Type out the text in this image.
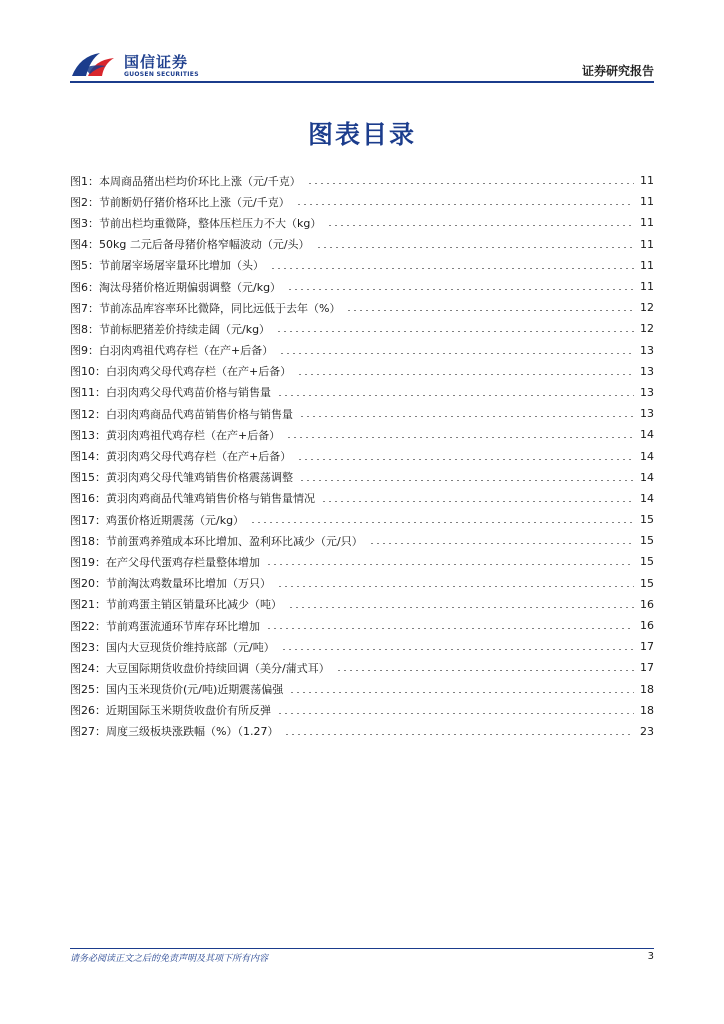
国信证券
GUOSEN SECURITIES	证券研究报告
图表目录
图1： 本周商品猪出栏均价环比上涨（元/千克）	11
图2： 节前断奶仔猪价格环比上涨（元/千克）	11
图3： 节前出栏均重微降，整体压栏压力不大（kg）	11
图4： 50kg 二元后备母猪价格窄幅波动（元/头）	11
图5： 节前屠宰场屠宰量环比增加（头）	11
图6： 淘汰母猪价格近期偏弱调整（元/kg）	11
图7： 节前冻品库容率环比微降，同比远低于去年（%）	12
图8： 节前标肥猪差价持续走阔（元/kg）	12
图9： 白羽肉鸡祖代鸡存栏（在产+后备）	13
图10： 白羽肉鸡父母代鸡存栏（在产+后备）	13
图11： 白羽肉鸡父母代鸡苗价格与销售量	13
图12： 白羽肉鸡商品代鸡苗销售价格与销售量	13
图13： 黄羽肉鸡祖代鸡存栏（在产+后备）	14
图14： 黄羽肉鸡父母代鸡存栏（在产+后备）	14
图15： 黄羽肉鸡父母代雏鸡销售价格震荡调整	14
图16： 黄羽肉鸡商品代雏鸡销售价格与销售量情况	14
图17： 鸡蛋价格近期震荡（元/kg）	15
图18： 节前蛋鸡养殖成本环比增加、盈利环比减少（元/只）	15
图19： 在产父母代蛋鸡存栏量整体增加	15
图20： 节前淘汰鸡数量环比增加（万只）	15
图21： 节前鸡蛋主销区销量环比减少（吨）	16
图22： 节前鸡蛋流通环节库存环比增加	16
图23： 国内大豆现货价维持底部（元/吨）	17
图24： 大豆国际期货收盘价持续回调（美分/蒲式耳）	17
图25： 国内玉米现货价(元/吨)近期震荡偏强	18
图26： 近期国际玉米期货收盘价有所反弹	18
图27： 周度三级板块涨跌幅（%）（1.27）	23
请务必阅读正文之后的免责声明及其项下所有内容	3
